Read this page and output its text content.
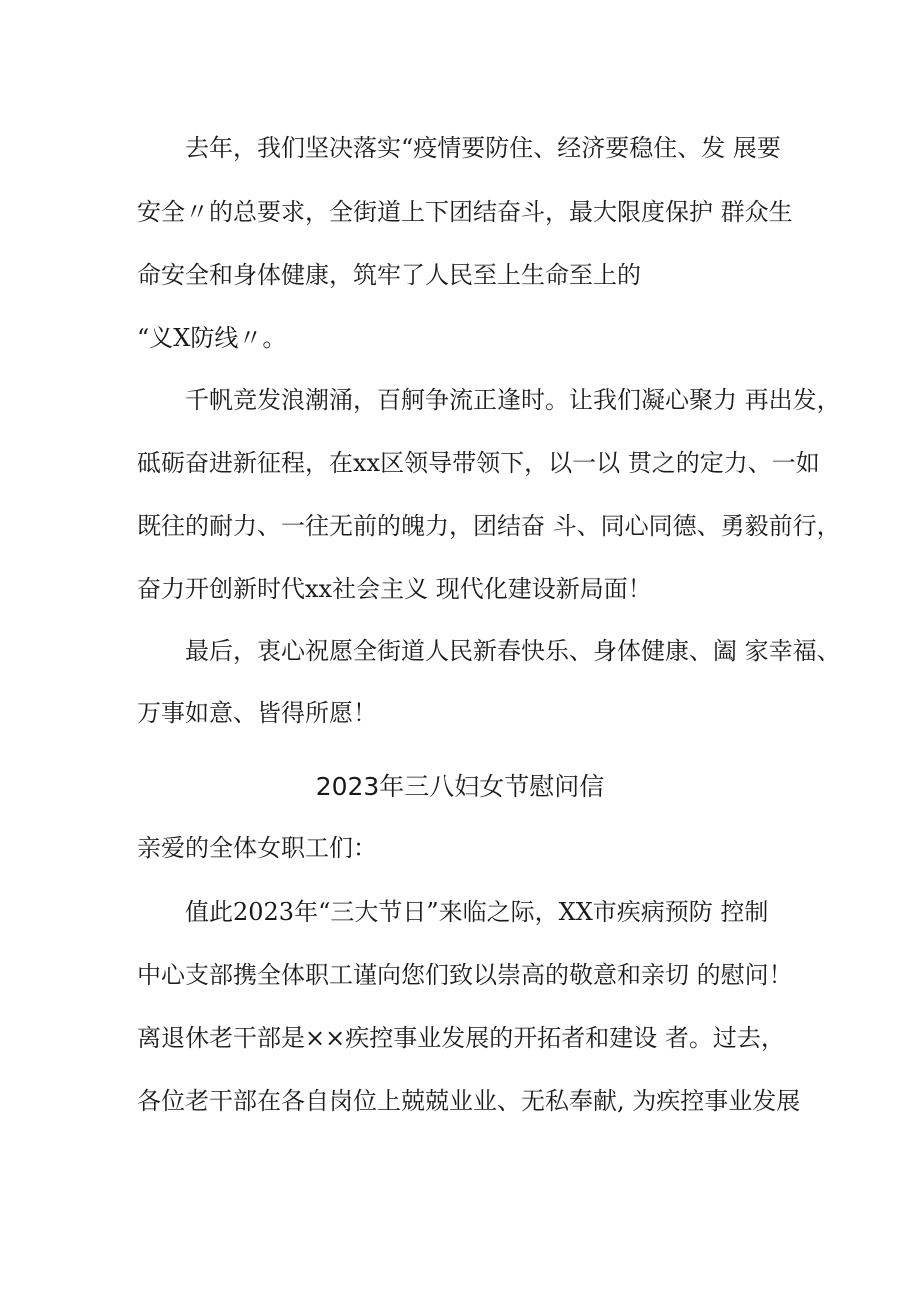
去年，我们坚决落实“疫情要防住、经济要稳住、发 展要
安全〃的总要求，全街道上下团结奋斗，最大限度保护 群众生
命安全和身体健康，筑牢了人民至上生命至上的
“义X防线〃。
千帆竞发浪潮涌，百舸争流正逢时。让我们凝心聚力 再出发，
砥砺奋进新征程，在xx区领导带领下，以一以 贯之的定力、一如
既往的耐力、一往无前的魄力，团结奋 斗、同心同德、勇毅前行，
奋力开创新时代xx社会主义 现代化建设新局面！
最后，衷心祝愿全街道人民新春快乐、身体健康、阖 家幸福、
万事如意、皆得所愿！
2023年三八妇女节慰问信
亲爱的全体女职工们：
值此2023年“三大节日”来临之际，XX市疾病预防 控制
中心支部携全体职工谨向您们致以崇高的敬意和亲切 的慰问！
离退休老干部是××疾控事业发展的开拓者和建设 者。过去，
各位老干部在各自岗位上兢兢业业、无私奉献, 为疾控事业发展
